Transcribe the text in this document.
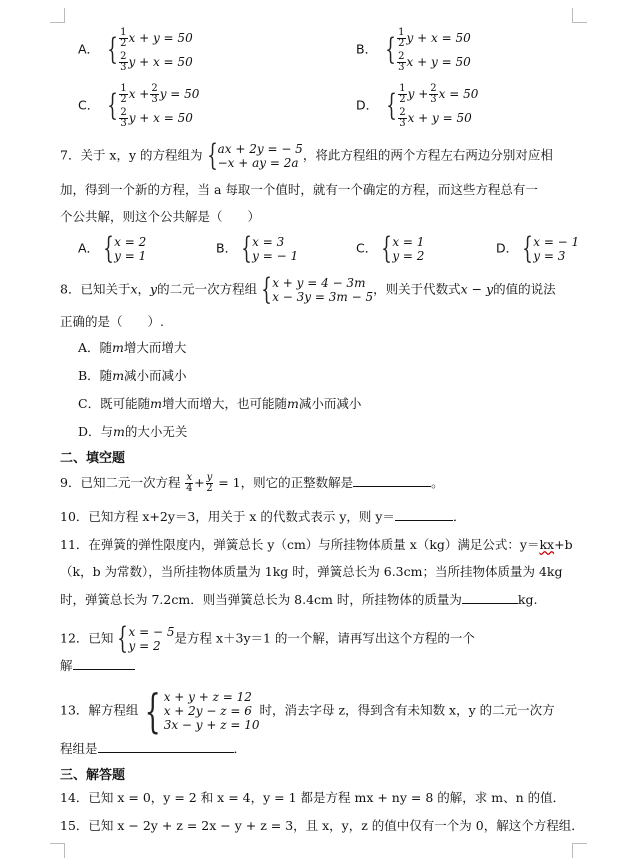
A． { $\frac{1}{2}$ x + y = 50
$\frac{2}{3}$ y + x = 50
B． { $\frac{1}{2}$ y + x = 50
$\frac{2}{3}$ x + y = 50
C． { $\frac{1}{2}$ $x + \frac{2}{3}$ y = 50
$\frac{2}{3}$ y + x = 50
D． { $\frac{1}{2}$ $y + \frac{2}{3}$ x = 50
$\frac{2}{3}$ x + y = 50
7．关于 x，y 的方程组为 { ax + 2y = − 5
−x + ay = 2a
，将此方程组的两个方程左右两边分别对应相
加，得到一个新的方程，当 a 每取一个值时，就有一个确定的方程，而这些方程总有一
个公共解，则这个公共解是（　　）
A． { x = 2
y = 1
B． { x = 3
y = − 1
C． { x = 1
y = 2
D． { x = − 1
y = 3
8．已知关于x，y的二元一次方程组 { x + y = 4 − 3m
x − 3y = 3m − 5
，则关于代数式x − y的值的说法
正确的是（　　）.
A．随m增大而增大
B．随m减小而减小
C．既可能随m增大而增大，也可能随m减小而减小
D．与m的大小无关
二、填空题
9．已知二元一次方程 $\frac{x}{4} + \frac{y}{2} = 1$，则它的正整数解是	。
10．已知方程 x+2y＝3，用关于 x 的代数式表示 y，则 y＝	．
11．在弹簧的弹性限度内，弹簧总长 y（cm）与所挂物体质量 x（kg）满足公式：y＝kx+b
（k，b 为常数），当所挂物体质量为 1kg 时，弹簧总长为 6.3cm；当所挂物体质量为 4kg
时，弹簧总长为 7.2cm．则当弹簧总长为 8.4cm 时，所挂物体的质量为	kg.
12．已知 { x = − 5
y = 2
是方程 x＋3y＝1 的一个解，请再写出这个方程的一个
解
13．解方程组 { x + y + z = 12
x + 2y − z = 6
3x − y + z = 10
时，消去字母 z，得到含有未知数 x，y 的二元一次方
程组是	．
三、解答题
14．已知 x = 0，y = 2 和 x = 4，y = 1 都是方程 mx + ny = 8 的解，求 m、n 的值．
15．已知 x − 2y + z = 2x − y + z = 3，且 x，y，z 的值中仅有一个为 0，解这个方程组．
